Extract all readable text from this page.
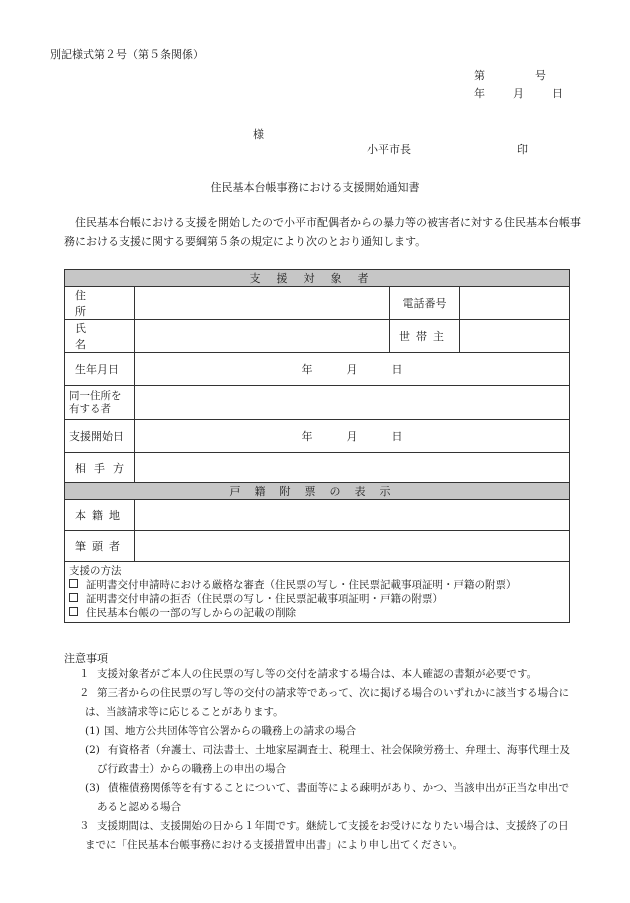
別記様式第２号（第５条関係）
第	号
年	月	日
様
小平市長	印
住民基本台帳事務における支援開始通知書
住民基本台帳における支援を開始したので小平市配偶者からの暴力等の被害者に対する住民基本台帳事務における支援に関する要綱第５条の規定により次のとおり通知します。
支援対象者			
住所		電話番号	
氏名		世帯主	
生年月日	年 月 日		

同一住所を有する者			

支援開始日	年 月 日		
相手方			
戸籍附票の表示			
本籍地			
筆頭者			

支援の方法
証明書交付申請時における厳格な審査（住民票の写し・住民票記載事項証明・戸籍の附票）
証明書交付申請の拒否（住民票の写し・住民票記載事項証明・戸籍の附票）
住民基本台帳の一部の写しからの記載の削除			
注意事項
１ 支援対象者がご本人の住民票の写し等の交付を請求する場合は、本人確認の書類が必要です。
２ 第三者からの住民票の写し等の交付の請求等であって、次に掲げる場合のいずれかに該当する場合には、当該請求等に応じることがあります。
(1) 国、地方公共団体等官公署からの職務上の請求の場合
(2) 有資格者（弁護士、司法書士、土地家屋調査士、税理士、社会保険労務士、弁理士、海事代理士及び行政書士）からの職務上の申出の場合
(3) 債権債務関係等を有することについて、書面等による疎明があり、かつ、当該申出が正当な申出であると認める場合
３ 支援期間は、支援開始の日から１年間です。継続して支援をお受けになりたい場合は、支援終了の日までに「住民基本台帳事務における支援措置申出書」により申し出てください。
